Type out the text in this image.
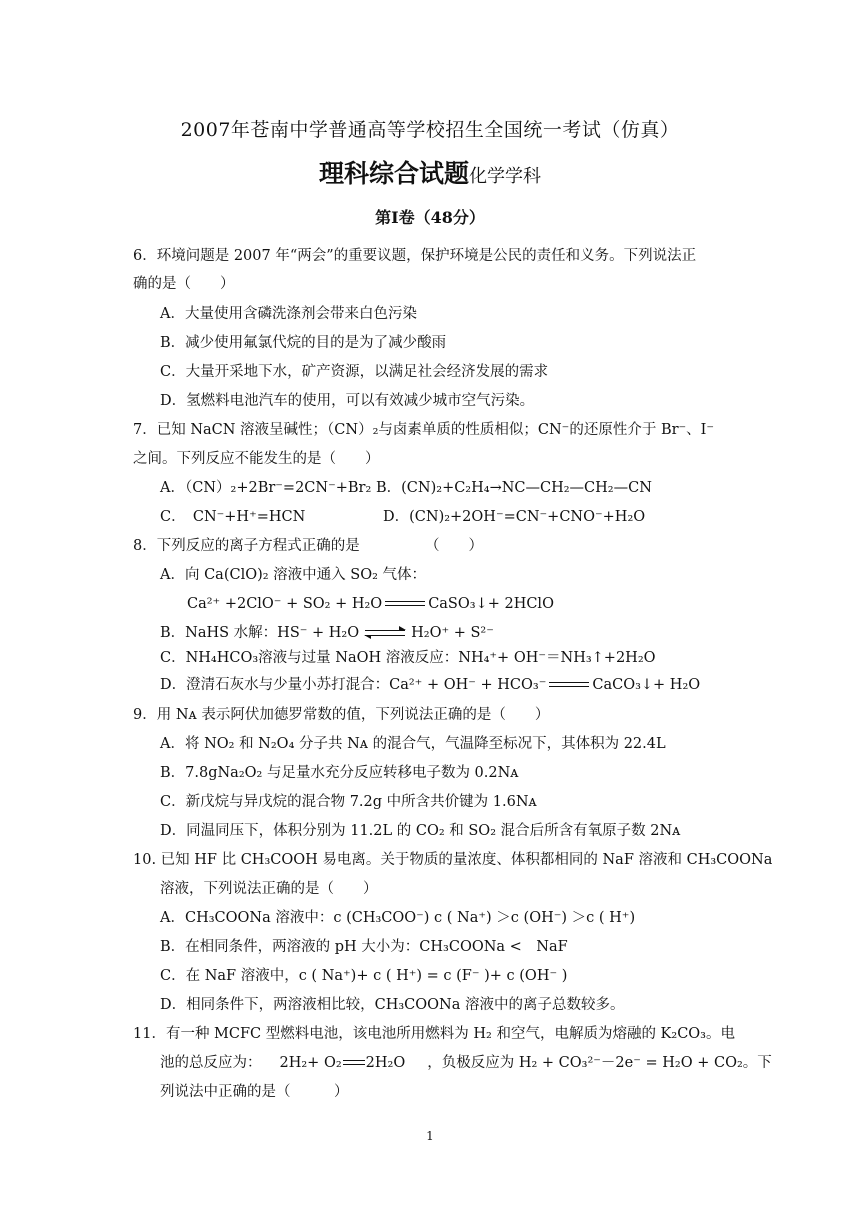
2007年苍南中学普通高等学校招生全国统一考试（仿真）
理科综合试题化学学科
第Ⅰ卷（48分）
6．环境问题是 2007 年“两会”的重要议题，保护环境是公民的责任和义务。下列说法正
确的是（　　）
A．大量使用含磷洗涤剂会带来白色污染
B．减少使用氟氯代烷的目的是为了减少酸雨
C．大量开采地下水，矿产资源，以满足社会经济发展的需求
D．氢燃料电池汽车的使用，可以有效减少城市空气污染。
7．已知 NaCN 溶液呈碱性；（CN）₂与卤素单质的性质相似；CN⁻的还原性介于 Br⁻、I⁻
之间。下列反应不能发生的是（　　）
A．（CN）₂+2Br⁻=2CN⁻+Br₂ B．(CN)₂+C₂H₄→NC—CH₂—CH₂—CN
C．　CN⁻+H⁺=HCN	D．(CN)₂+2OH⁻=CN⁻+CNO⁻+H₂O
8．下列反应的离子方程式正确的是　　　　　（　　）
A．向 Ca(ClO)₂ 溶液中通入 SO₂ 气体：
Ca²⁺ +2ClO⁻ + SO₂ + H₂O	CaSO₃↓+ 2HClO
B．NaHS 水解：HS⁻ + H₂O ⇌ H₂O⁺ + S²⁻
C．NH₄HCO₃溶液与过量 NaOH 溶液反应：NH₄⁺+ OH⁻＝NH₃↑+2H₂O
D．澄清石灰水与少量小苏打混合：Ca²⁺ + OH⁻ + HCO₃⁻	CaCO₃↓+ H₂O
9．用 Nᴀ 表示阿伏加德罗常数的值，下列说法正确的是（　　）
A．将 NO₂ 和 N₂O₄ 分子共 Nᴀ 的混合气，气温降至标况下，其体积为 22.4L
B．7.8gNa₂O₂ 与足量水充分反应转移电子数为 0.2Nᴀ
C．新戊烷与异戊烷的混合物 7.2g 中所含共价键为 1.6Nᴀ
D．同温同压下，体积分别为 11.2L 的 CO₂ 和 SO₂ 混合后所含有氧原子数 2Nᴀ
10. 已知 HF 比 CH₃COOH 易电离。关于物质的量浓度、体积都相同的 NaF 溶液和 CH₃COONa
溶液，下列说法正确的是（　　）
A．CH₃COONa 溶液中：c (CH₃COO⁻) c ( Na⁺) ＞c (OH⁻) ＞c ( H⁺)
B．在相同条件，两溶液的 pH 大小为：CH₃COONa <　NaF
C．在 NaF 溶液中，c ( Na⁺)+ c ( H⁺) = c (F⁻ )+ c (OH⁻ )
D．相同条件下，两溶液相比较，CH₃COONa 溶液中的离子总数较多。
11．有一种 MCFC 型燃料电池，该电池所用燃料为 H₂ 和空气，电解质为熔融的 K₂CO₃。电
池的总反应为： 2H₂+ O₂ 2H₂O ，负极反应为 H₂ + CO₃²⁻－2e⁻ = H₂O + CO₂。下
列说法中正确的是（　　　）
1
